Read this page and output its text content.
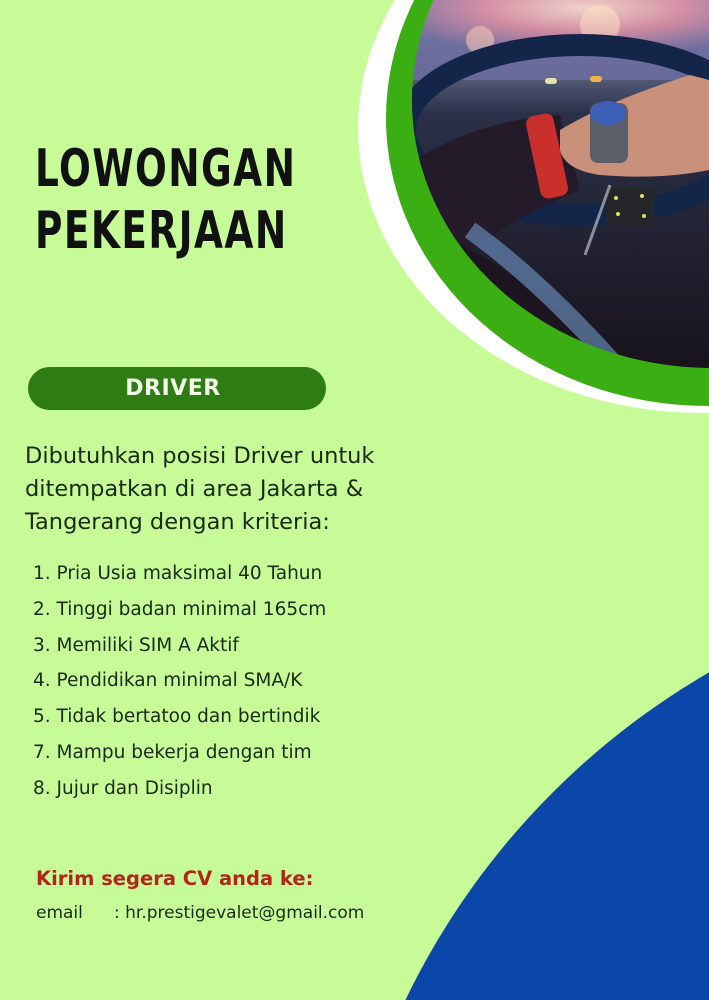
LOWONGAN
PEKERJAAN
DRIVER
Dibutuhkan posisi Driver untuk
ditempatkan di area Jakarta &
Tangerang dengan kriteria:
1. Pria Usia maksimal 40 Tahun
2. Tinggi badan minimal 165cm
3. Memiliki SIM A Aktif
4. Pendidikan minimal SMA/K
5. Tidak bertatoo dan bertindik
7. Mampu bekerja dengan tim
8. Jujur dan Disiplin
Kirim segera CV anda ke:
email : hr.prestigevalet@gmail.com
